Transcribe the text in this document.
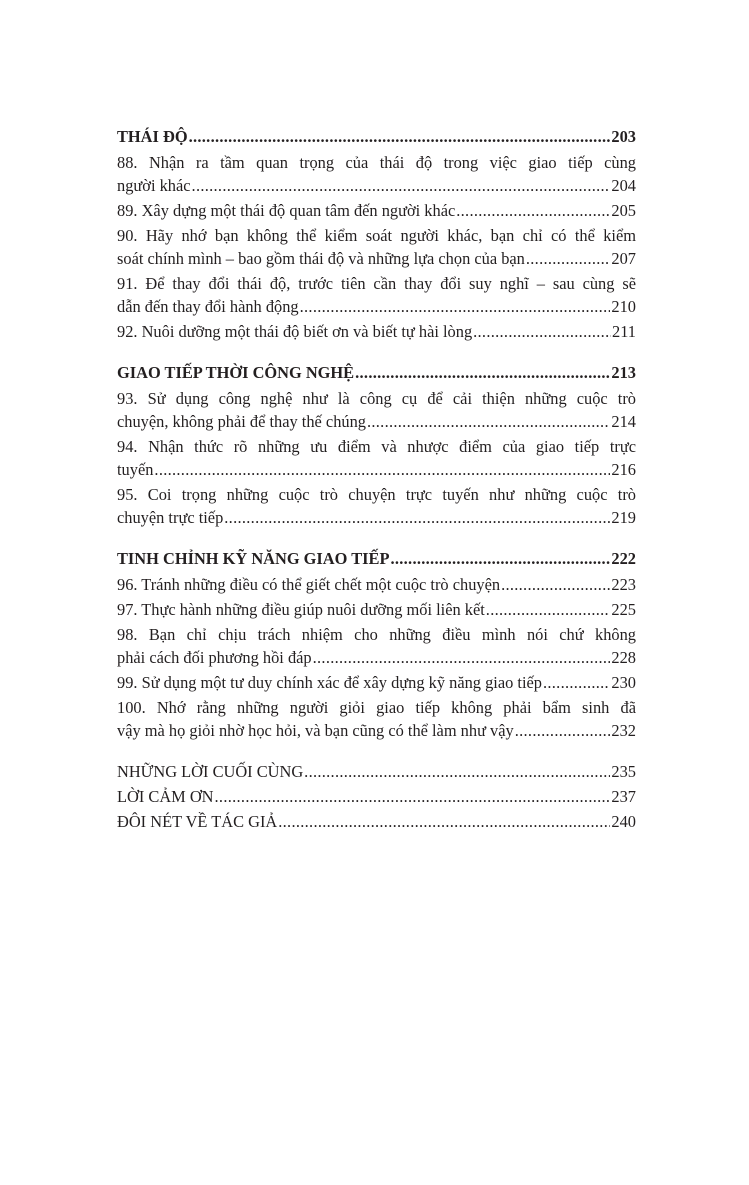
THÁI ĐỘ .....	203
88. Nhận ra tầm quan trọng của thái độ trong việc giao tiếp cùng
người khác .....	204
89. Xây dựng một thái độ quan tâm đến người khác .....	205
90. Hãy nhớ bạn không thể kiểm soát người khác, bạn chỉ có thể kiểm
soát chính mình – bao gồm thái độ và những lựa chọn của bạn .....	207
91. Để thay đổi thái độ, trước tiên cần thay đổi suy nghĩ – sau cùng sẽ
dẫn đến thay đổi hành động .....	210
92. Nuôi dưỡng một thái độ biết ơn và biết tự hài lòng .....	211
GIAO TIẾP THỜI CÔNG NGHỆ .....	213
93. Sử dụng công nghệ như là công cụ để cải thiện những cuộc trò
chuyện, không phải để thay thế chúng .....	214
94. Nhận thức rõ những ưu điểm và nhược điểm của giao tiếp trực
tuyến .....	216
95. Coi trọng những cuộc trò chuyện trực tuyến như những cuộc trò
chuyện trực tiếp .....	219
TINH CHỈNH KỸ NĂNG GIAO TIẾP .....	222
96. Tránh những điều có thể giết chết một cuộc trò chuyện .....	223
97. Thực hành những điều giúp nuôi dưỡng mối liên kết .....	225
98. Bạn chỉ chịu trách nhiệm cho những điều mình nói chứ không
phải cách đối phương hồi đáp .....	228
99. Sử dụng một tư duy chính xác để xây dựng kỹ năng giao tiếp .....	230
100. Nhớ rằng những người giỏi giao tiếp không phải bẩm sinh đã
vậy mà họ giỏi nhờ học hỏi, và bạn cũng có thể làm như vậy .....	232
NHỮNG LỜI CUỐI CÙNG .....	235
LỜI CẢM ƠN .....	237
ĐÔI NÉT VỀ TÁC GIẢ .....	240
